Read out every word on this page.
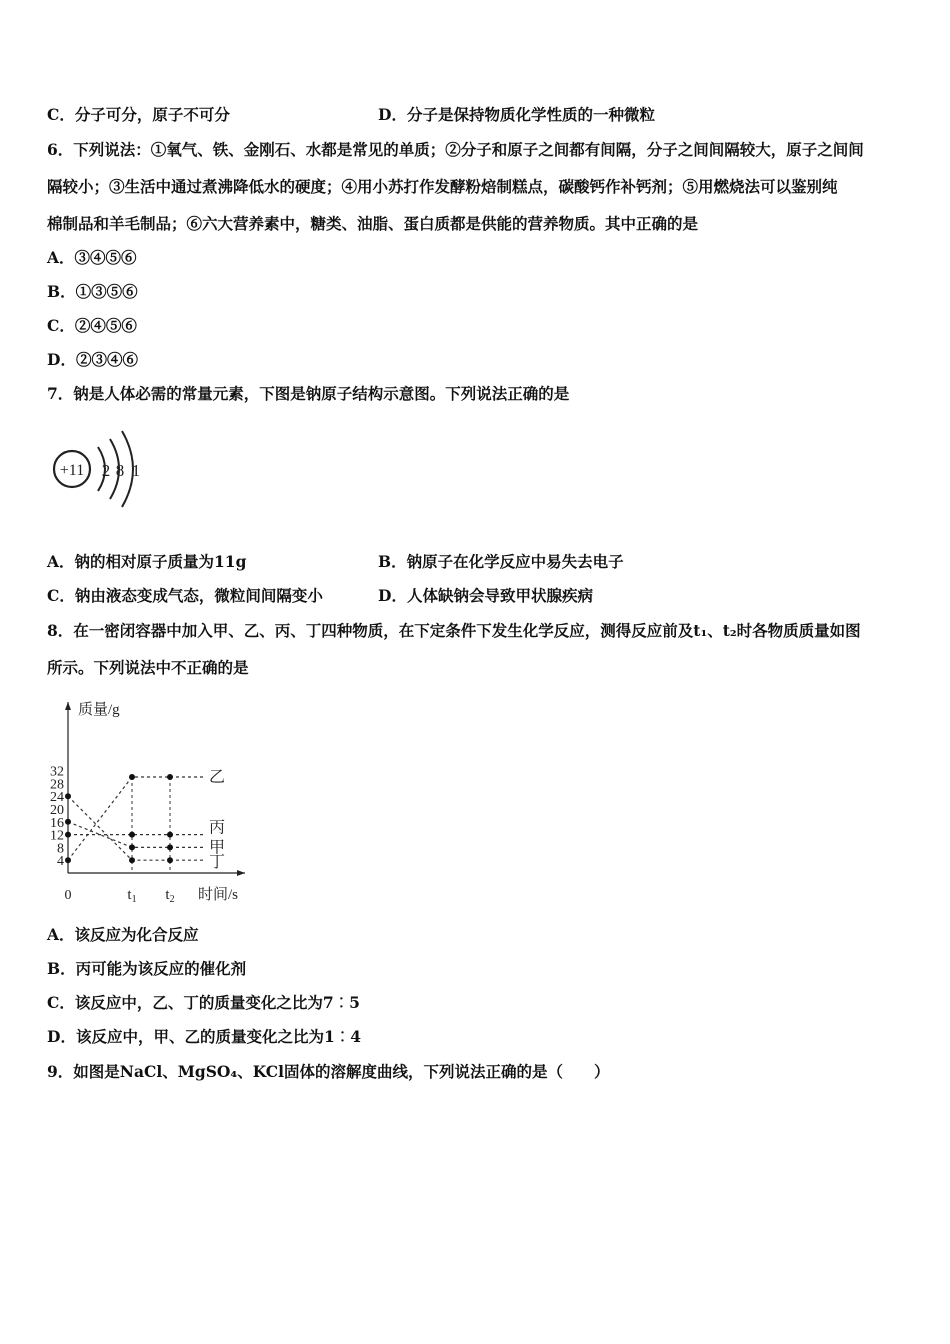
C．分子可分，原子不可分	D．分子是保持物质化学性质的一种微粒
6．下列说法：①氧气、铁、金刚石、水都是常见的单质；②分子和原子之间都有间隔，分子之间间隔较大，原子之间间
隔较小；③生活中通过煮沸降低水的硬度；④用小苏打作发酵粉焙制糕点，碳酸钙作补钙剂；⑤用燃烧法可以鉴别纯
棉制品和羊毛制品；⑥六大营养素中，糖类、油脂、蛋白质都是供能的营养物质。其中正确的是
A．③④⑤⑥
B．①③⑤⑥
C．②④⑤⑥
D．②③④⑥
7．钠是人体必需的常量元素，下图是钠原子结构示意图。下列说法正确的是
+11 2 8 1
A．钠的相对原子质量为11g	B．钠原子在化学反应中易失去电子
C．钠由液态变成气态，微粒间间隔变小	D．人体缺钠会导致甲状腺疾病
8．在一密闭容器中加入甲、乙、丙、丁四种物质，在下定条件下发生化学反应，测得反应前及t₁、t₂时各物质质量如图
所示。下列说法中不正确的是
质量/g
时间/s
0
4
8
12
16
20
24
28
32
$t_1$ $t_2$
乙
丙
甲
丁
A．该反应为化合反应
B．丙可能为该反应的催化剂
C．该反应中，乙、丁的质量变化之比为7︰5
D．该反应中，甲、乙的质量变化之比为1︰4
9．如图是NaCl、MgSO₄、KCl固体的溶解度曲线，下列说法正确的是（　　）
